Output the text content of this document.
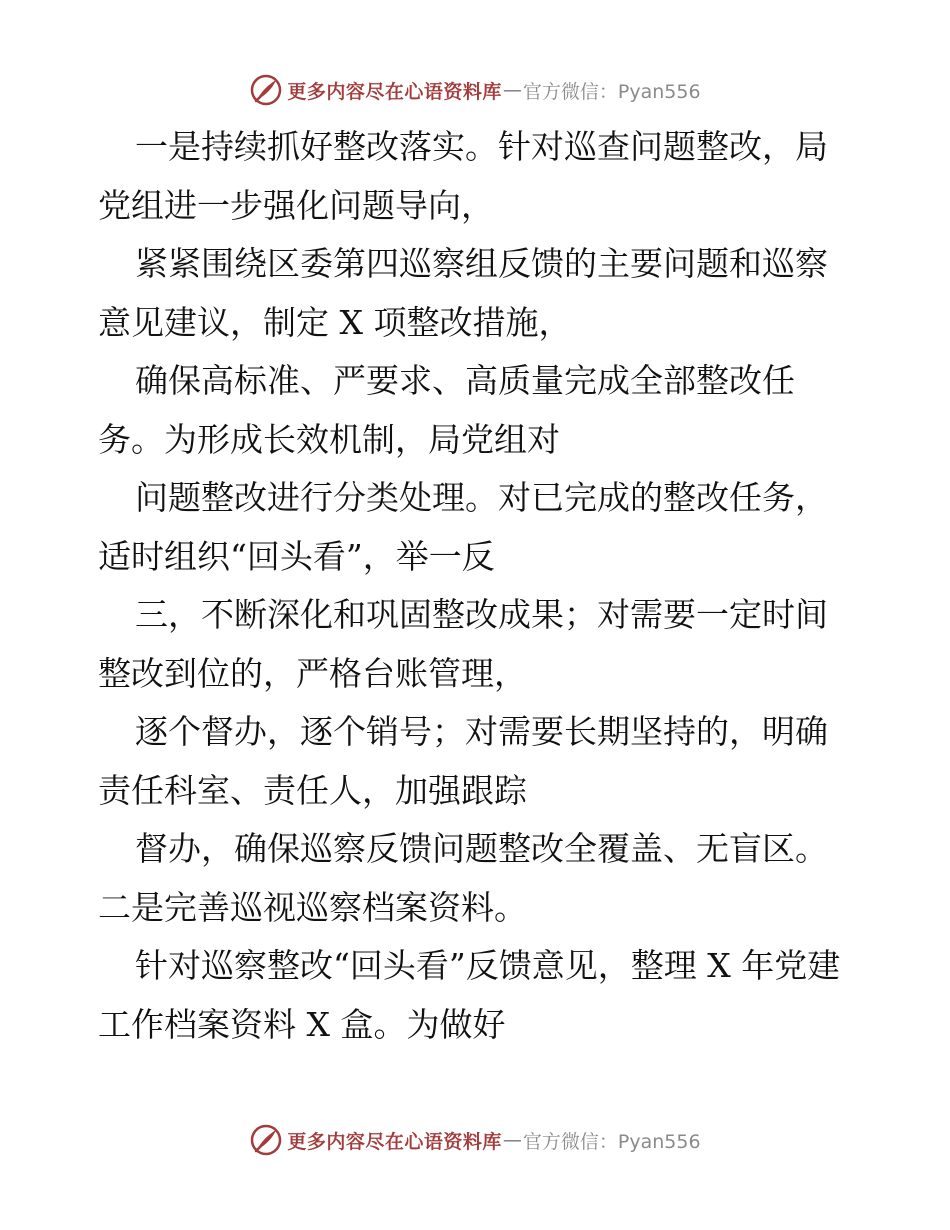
更多内容尽在心语资料库 — 官方微信：Pyan556

一是持续抓好整改落实。针对巡查问题整改，局党组进一步强化问题导向，

紧紧围绕区委第四巡察组反馈的主要问题和巡察意见建议，制定 X 项整改措施，

确保高标准、严要求、高质量完成全部整改任务。为形成长效机制，局党组对

问题整改进行分类处理。对已完成的整改任务，适时组织“回头看”，举一反

三，不断深化和巩固整改成果；对需要一定时间整改到位的，严格台账管理，

逐个督办，逐个销号；对需要长期坚持的，明确责任科室、责任人，加强跟踪

督办，确保巡察反馈问题整改全覆盖、无盲区。二是完善巡视巡察档案资料。

针对巡察整改“回头看”反馈意见，整理 X 年党建工作档案资料 X 盒。为做好

更多内容尽在心语资料库 — 官方微信：Pyan556
